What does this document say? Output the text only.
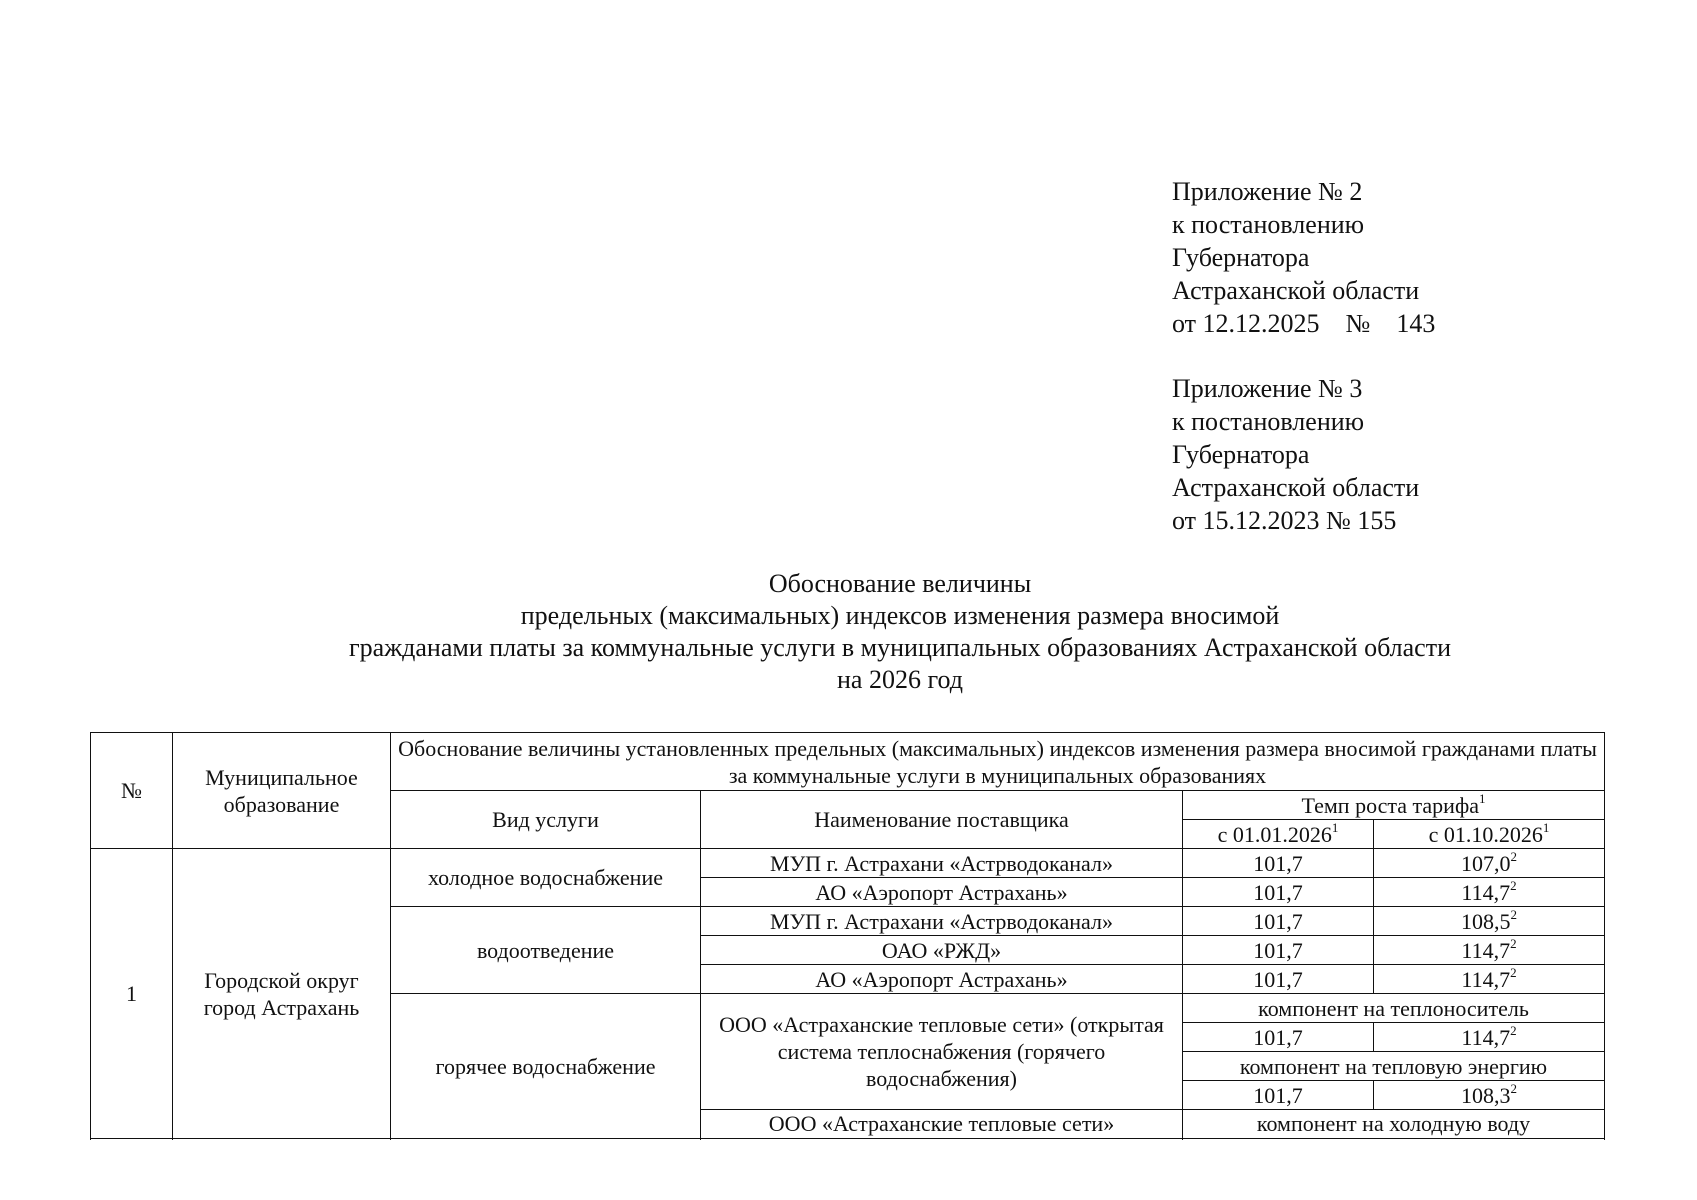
Приложение № 2
к постановлению
Губернатора
Астраханской области
от 12.12.2025    №    143
Приложение № 3
к постановлению
Губернатора
Астраханской области
от 15.12.2023 № 155
Обоснование величины
предельных (максимальных) индексов изменения размера вносимой
гражданами платы за коммунальные услуги в муниципальных образованиях Астраханской области
на 2026 год
№	Муниципальное образование	Обоснование величины установленных предельных (максимальных) индексов изменения размера вносимой гражданами платы за коммунальные услуги в муниципальных образованиях			
		Вид услуги	Наименование поставщика	Темп роста тарифа$^1$
				с 01.01.2026$^1$	с 01.10.2026$^1$
1	Городской округ город Астрахань	холодное водоснабжение	МУП г. Астрахани «Астрводоканал»	101,7	107,0$^2$
			АО «Аэропорт Астрахань»	101,7	114,7$^2$
		водоотведение	МУП г. Астрахани «Астрводоканал»	101,7	108,5$^2$
			ОАО «РЖД»	101,7	114,7$^2$
			АО «Аэропорт Астрахань»	101,7	114,7$^2$
		горячее водоснабжение	ООО «Астраханские тепловые сети» (открытая система теплоснабжения (горячего водоснабжения)	компонент на теплоноситель	
				101,7	114,7$^2$
				компонент на тепловую энергию	
				101,7	108,3$^2$
			ООО «Астраханские тепловые сети»	компонент на холодную воду	
